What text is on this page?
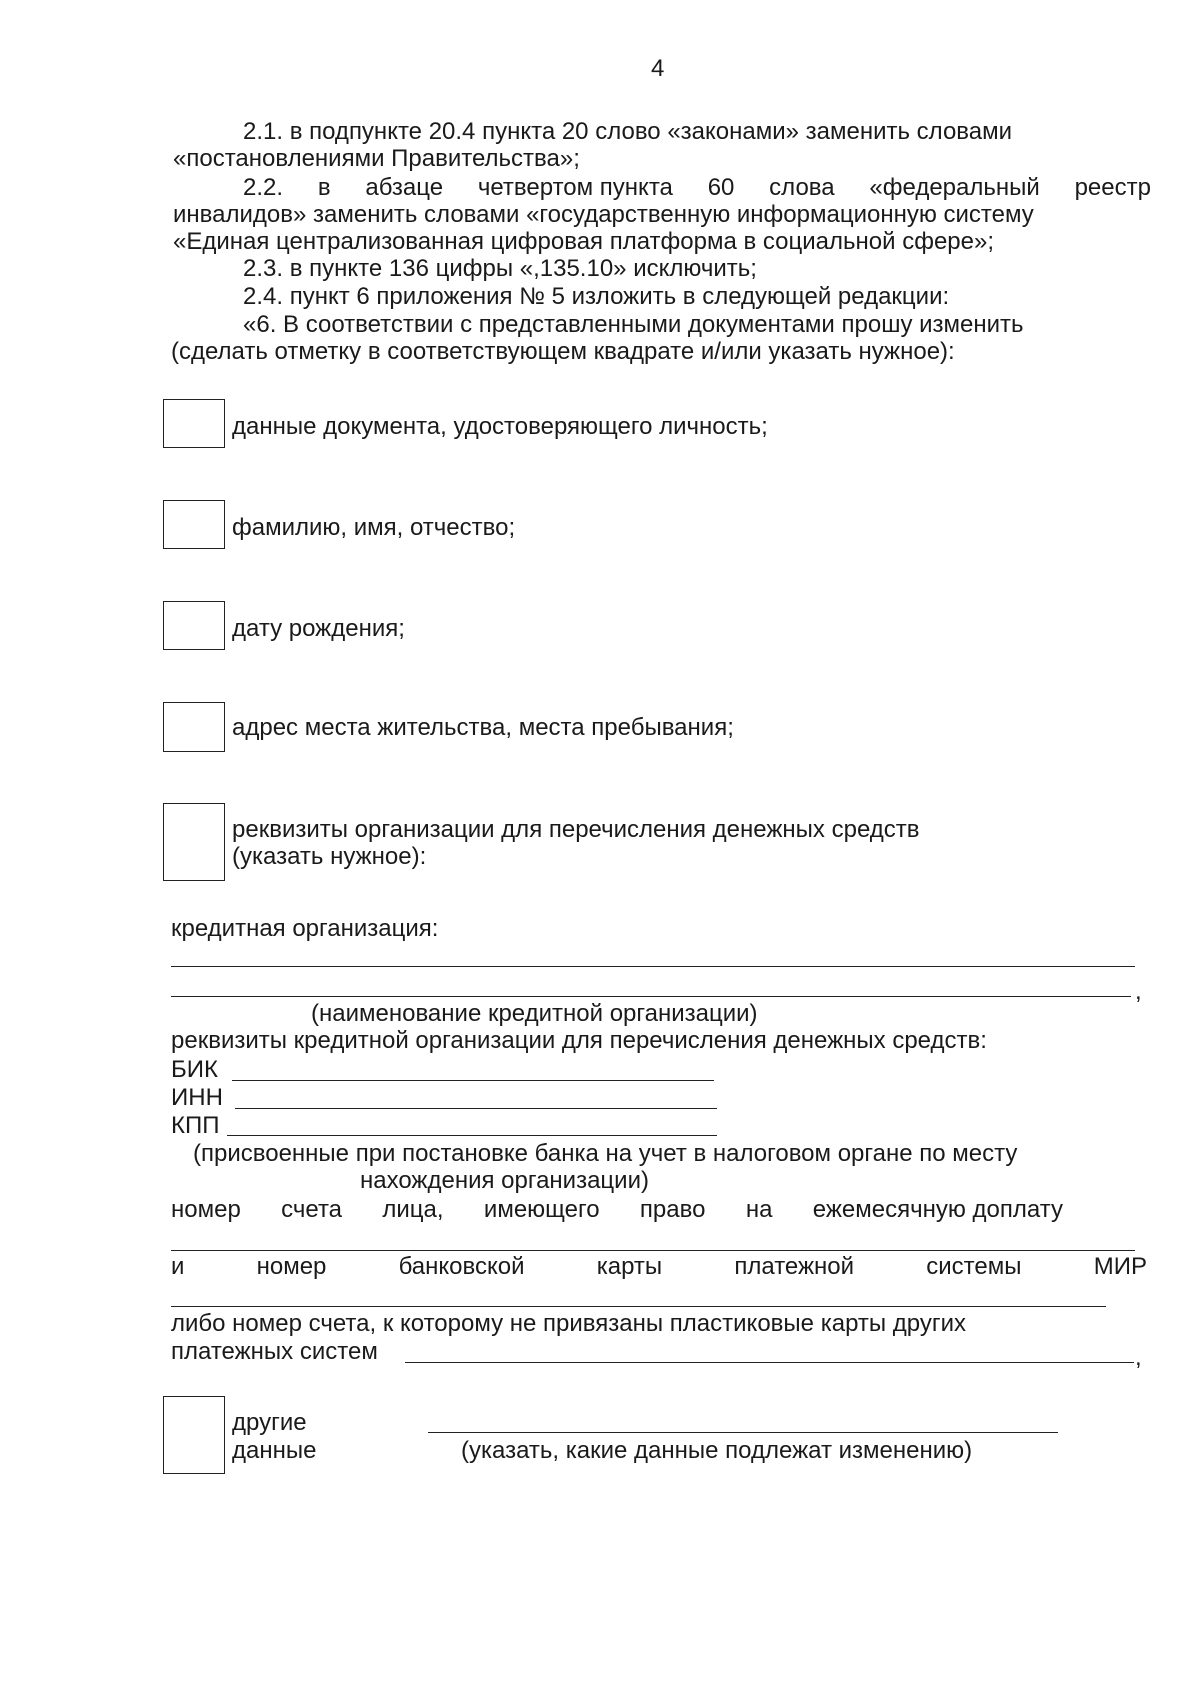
4
2.1. в подпункте 20.4 пункта 20 слово «законами» заменить словами
«постановлениями Правительства»;
2.2. в абзаце четвертом пункта 60 слова «федеральный реестр
инвалидов» заменить словами «государственную информационную систему
«Единая централизованная цифровая платформа в социальной сфере»;
2.3. в пункте 136 цифры «,135.10» исключить;
2.4. пункт 6 приложения № 5 изложить в следующей редакции:
«6. В соответствии с представленными документами прошу изменить
(сделать отметку в соответствующем квадрате и/или указать нужное):
данные документа, удостоверяющего личность;
фамилию, имя, отчество;
дату рождения;
адрес места жительства, места пребывания;
реквизиты организации для перечисления денежных средств
(указать нужное):
кредитная организация:
,
(наименование кредитной организации)
реквизиты кредитной организации для перечисления денежных средств:
БИК
ИНН
КПП
(присвоенные при постановке банка на учет в налоговом органе по месту
нахождения организации)
номер счета лица, имеющего право на ежемесячную доплату
и	номер	банковской	карты	платежной	системы	МИР
либо номер счета, к которому не привязаны пластиковые карты других
платежных систем	,
другие
данные	(указать, какие данные подлежат изменению)
